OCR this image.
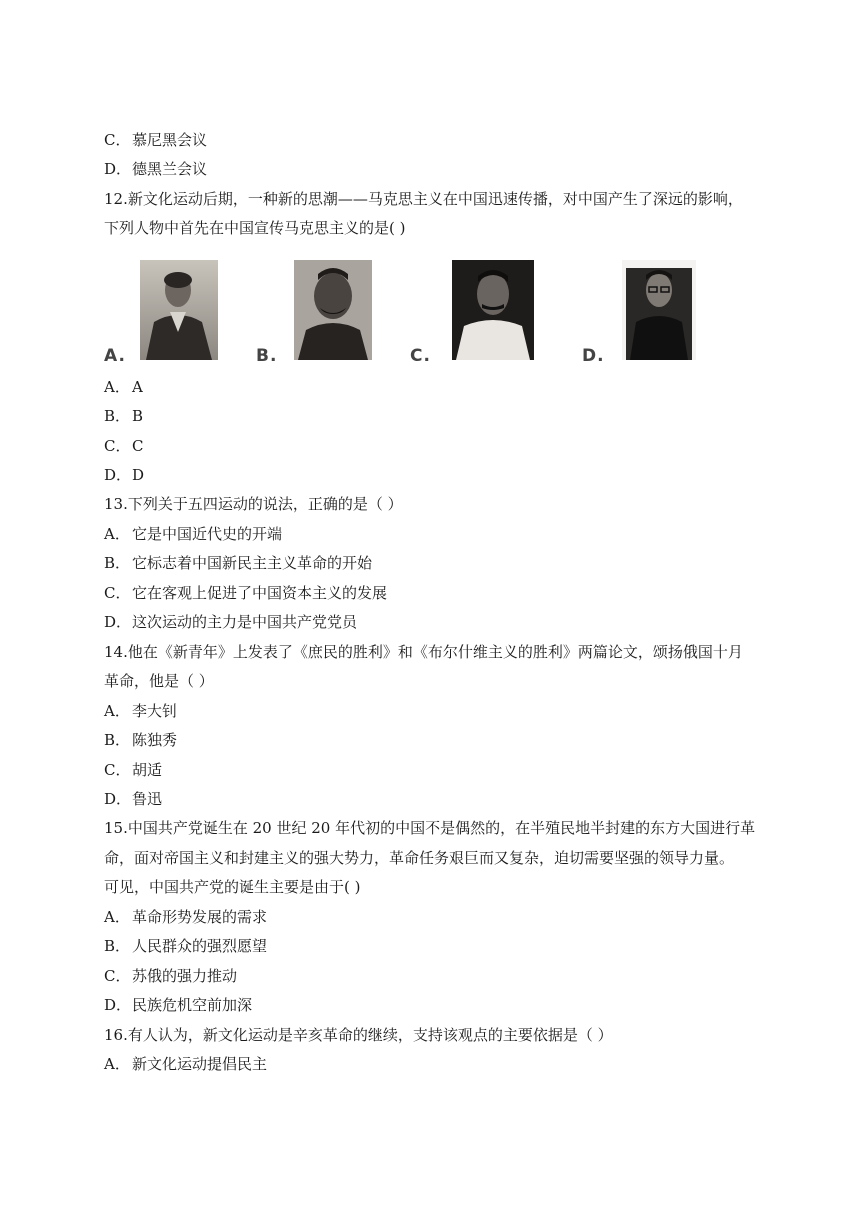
C． 慕尼黑会议
D．德黑兰会议
12.新文化运动后期，一种新的思潮——马克思主义在中国迅速传播，对中国产生了深远的影响，
下列人物中首先在中国宣传马克思主义的是( )
A.	B.	C.	D.
A． A
B． B
C． C
D．D
13.下列关于五四运动的说法，正确的是（ ）
A． 它是中国近代史的开端
B． 它标志着中国新民主主义革命的开始
C． 它在客观上促进了中国资本主义的发展
D．这次运动的主力是中国共产党党员
14.他在《新青年》上发表了《庶民的胜利》和《布尔什维主义的胜利》两篇论文，颂扬俄国十月
革命，他是（ ）
A． 李大钊
B． 陈独秀
C． 胡适
D．鲁迅
15.中国共产党诞生在 20 世纪 20 年代初的中国不是偶然的，在半殖民地半封建的东方大国进行革
命，面对帝国主义和封建主义的强大势力，革命任务艰巨而又复杂，迫切需要坚强的领导力量。
可见，中国共产党的诞生主要是由于( )
A． 革命形势发展的需求
B． 人民群众的强烈愿望
C． 苏俄的强力推动
D．民族危机空前加深
16.有人认为，新文化运动是辛亥革命的继续，支持该观点的主要依据是（ ）
A． 新文化运动提倡民主
